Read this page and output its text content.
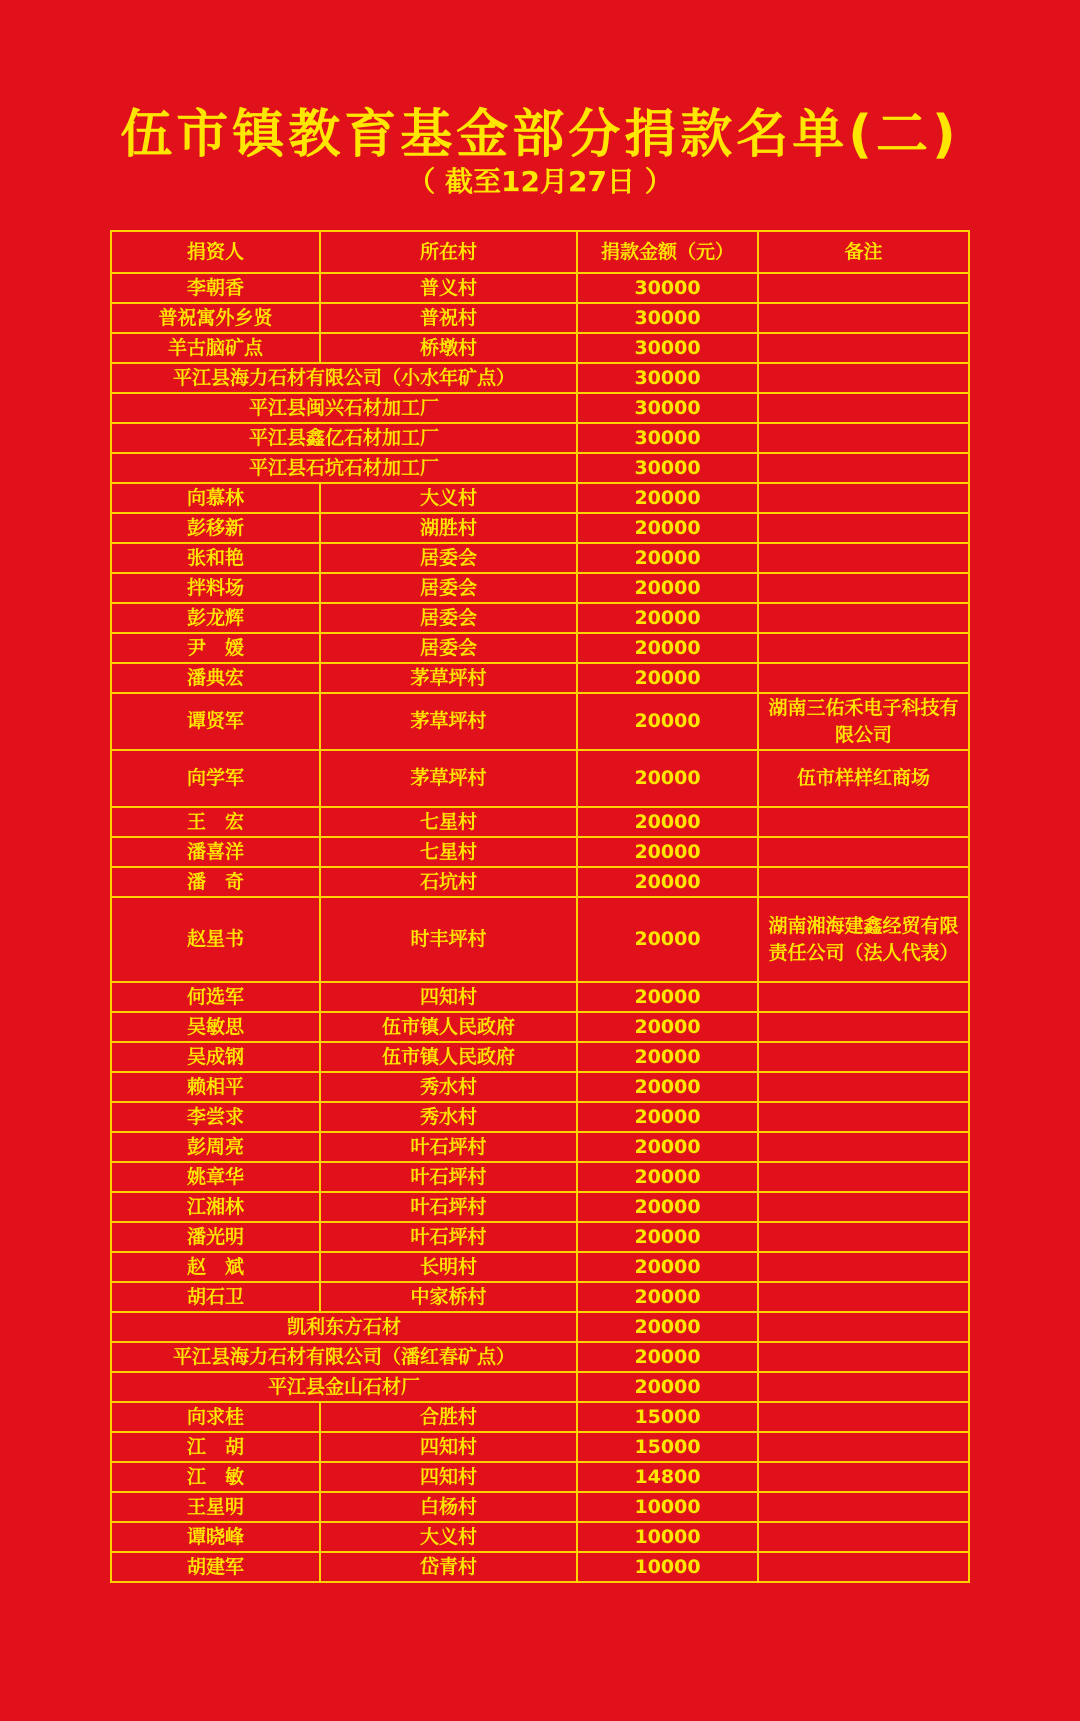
伍市镇教育基金部分捐款名单(二)
（ 截至12月27日 ）
捐资人	所在村	捐款金额（元）	备注
李朝香	普义村	30000	
普祝寓外乡贤	普祝村	30000	
羊古脑矿点	桥墩村	30000	
平江县海力石材有限公司（小水年矿点）		30000	
平江县闽兴石材加工厂		30000	
平江县鑫亿石材加工厂		30000	
平江县石坑石材加工厂		30000	
向慕林	大义村	20000	
彭移新	湖胜村	20000	
张和艳	居委会	20000	
拌料场	居委会	20000	
彭龙辉	居委会	20000	
尹　媛	居委会	20000	
潘典宏	茅草坪村	20000	
谭贤军	茅草坪村	20000	湖南三佑禾电子科技有限公司
向学军	茅草坪村	20000	伍市样样红商场
王　宏	七星村	20000	
潘喜洋	七星村	20000	
潘　奇	石坑村	20000	
赵星书	时丰坪村	20000	湖南湘海建鑫经贸有限责任公司（法人代表）
何选军	四知村	20000	
吴敏思	伍市镇人民政府	20000	
吴成钢	伍市镇人民政府	20000	
赖相平	秀水村	20000	
李尝求	秀水村	20000	
彭周亮	叶石坪村	20000	
姚章华	叶石坪村	20000	
江湘林	叶石坪村	20000	
潘光明	叶石坪村	20000	
赵　斌	长明村	20000	
胡石卫	中家桥村	20000	
凯利东方石材		20000	
平江县海力石材有限公司（潘红春矿点）		20000	
平江县金山石材厂		20000	
向求桂	合胜村	15000	
江　胡	四知村	15000	
江　敏	四知村	14800	
王星明	白杨村	10000	
谭晓峰	大义村	10000	
胡建军	岱青村	10000	
